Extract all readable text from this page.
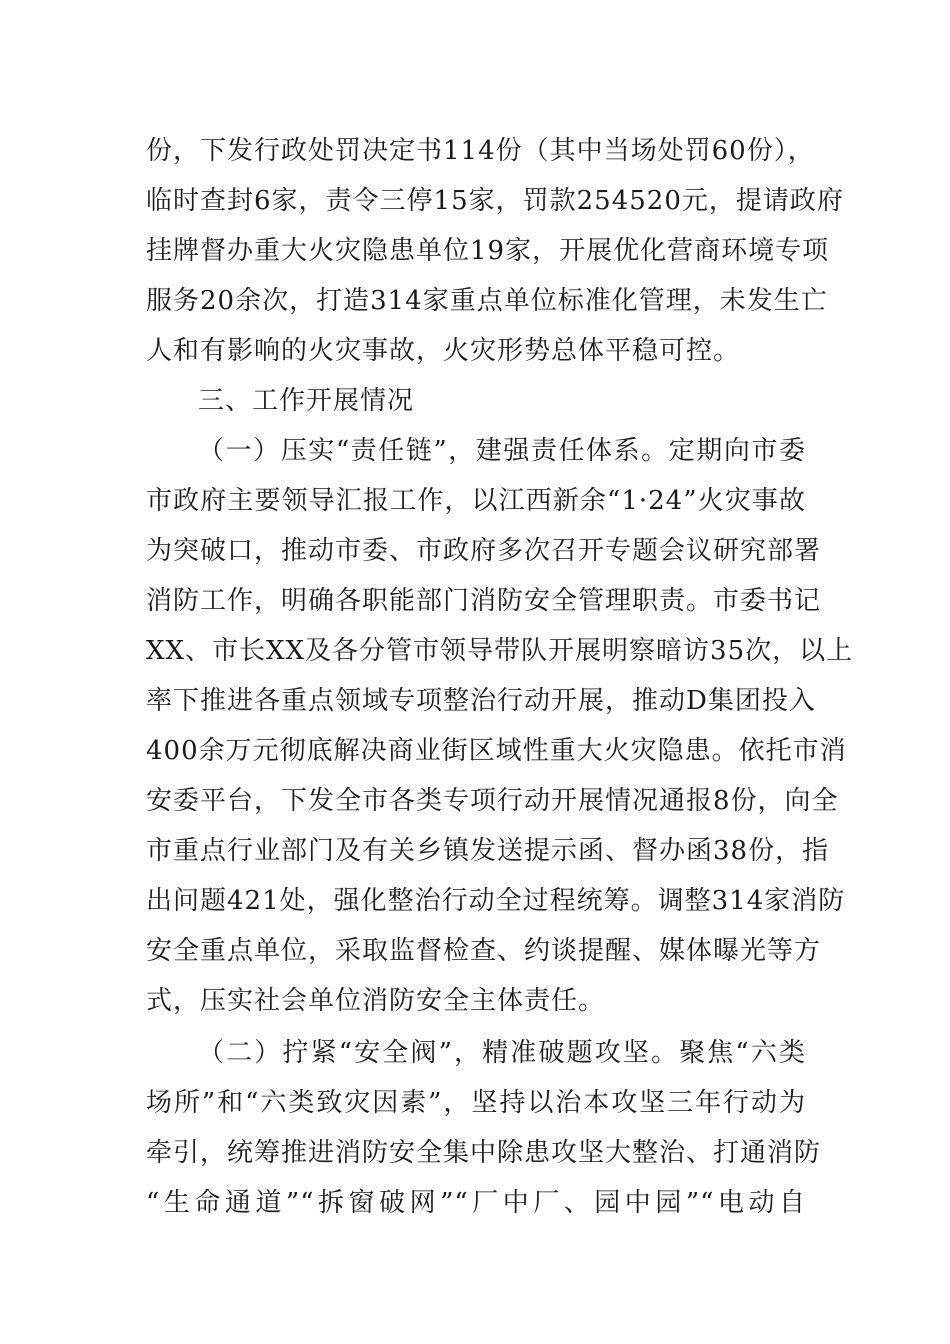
份，下发行政处罚决定书114份（其中当场处罚60份），
临时查封6家，责令三停15家，罚款254520元，提请政府
挂牌督办重大火灾隐患单位19家，开展优化营商环境专项
服务20余次，打造314家重点单位标准化管理，未发生亡
人和有影响的火灾事故，火灾形势总体平稳可控。
三、工作开展情况
（一）压实“责任链”，建强责任体系。定期向市委
市政府主要领导汇报工作，以江西新余“1·24”火灾事故
为突破口，推动市委、市政府多次召开专题会议研究部署
消防工作，明确各职能部门消防安全管理职责。市委书记
XX、市长XX及各分管市领导带队开展明察暗访35次，以上
率下推进各重点领域专项整治行动开展，推动D集团投入
400余万元彻底解决商业街区域性重大火灾隐患。依托市消
安委平台，下发全市各类专项行动开展情况通报8份，向全
市重点行业部门及有关乡镇发送提示函、督办函38份，指
出问题421处，强化整治行动全过程统筹。调整314家消防
安全重点单位，采取监督检查、约谈提醒、媒体曝光等方
式，压实社会单位消防安全主体责任。
（二）拧紧“安全阀”，精准破题攻坚。聚焦“六类
场所”和“六类致灾因素”，坚持以治本攻坚三年行动为
牵引，统筹推进消防安全集中除患攻坚大整治、打通消防
“生命通道”“拆窗破网”“厂中厂、园中园”“电动自
